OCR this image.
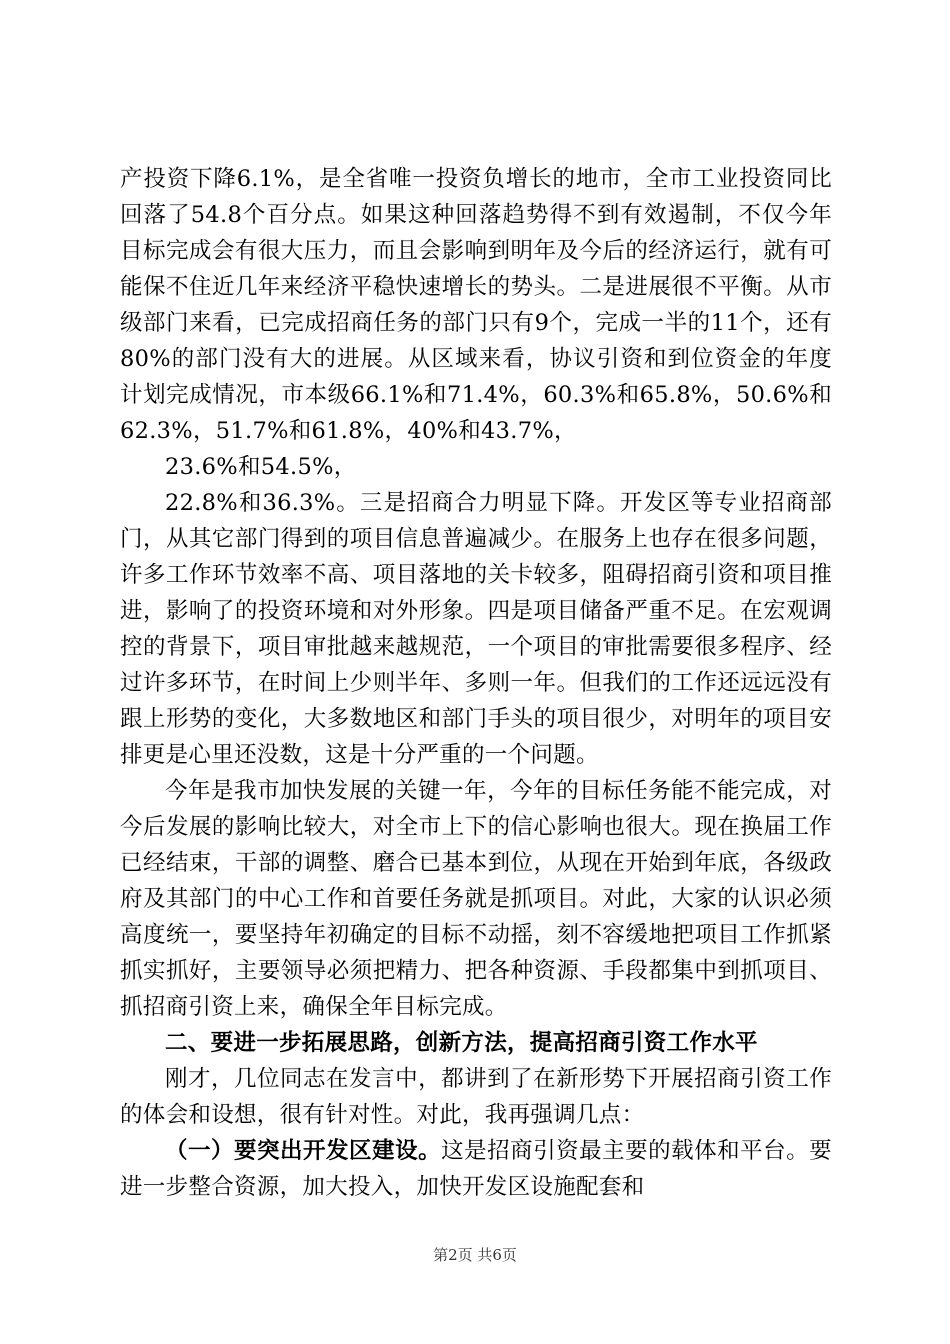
产投资下降6.1%，是全省唯一投资负增长的地市，全市工业投资同比回落了54.8个百分点。如果这种回落趋势得不到有效遏制，不仅今年目标完成会有很大压力，而且会影响到明年及今后的经济运行，就有可能保不住近几年来经济平稳快速增长的势头。二是进展很不平衡。从市级部门来看，已完成招商任务的部门只有9个，完成一半的11个，还有80%的部门没有大的进展。从区域来看，协议引资和到位资金的年度计划完成情况，市本级66.1%和71.4%，60.3%和65.8%，50.6%和62.3%，51.7%和61.8%，40%和43.7%，

23.6%和54.5%，

22.8%和36.3%。三是招商合力明显下降。开发区等专业招商部门，从其它部门得到的项目信息普遍减少。在服务上也存在很多问题，许多工作环节效率不高、项目落地的关卡较多，阻碍招商引资和项目推进，影响了的投资环境和对外形象。四是项目储备严重不足。在宏观调控的背景下，项目审批越来越规范，一个项目的审批需要很多程序、经过许多环节，在时间上少则半年、多则一年。但我们的工作还远远没有跟上形势的变化，大多数地区和部门手头的项目很少，对明年的项目安排更是心里还没数，这是十分严重的一个问题。

今年是我市加快发展的关键一年，今年的目标任务能不能完成，对今后发展的影响比较大，对全市上下的信心影响也很大。现在换届工作已经结束，干部的调整、磨合已基本到位，从现在开始到年底，各级政府及其部门的中心工作和首要任务就是抓项目。对此，大家的认识必须高度统一，要坚持年初确定的目标不动摇，刻不容缓地把项目工作抓紧抓实抓好，主要领导必须把精力、把各种资源、手段都集中到抓项目、抓招商引资上来，确保全年目标完成。

二、要进一步拓展思路，创新方法，提高招商引资工作水平

刚才，几位同志在发言中，都讲到了在新形势下开展招商引资工作的体会和设想，很有针对性。对此，我再强调几点：

（一）要突出开发区建设。这是招商引资最主要的载体和平台。要进一步整合资源，加大投入，加快开发区设施配套和

第2页 共6页
